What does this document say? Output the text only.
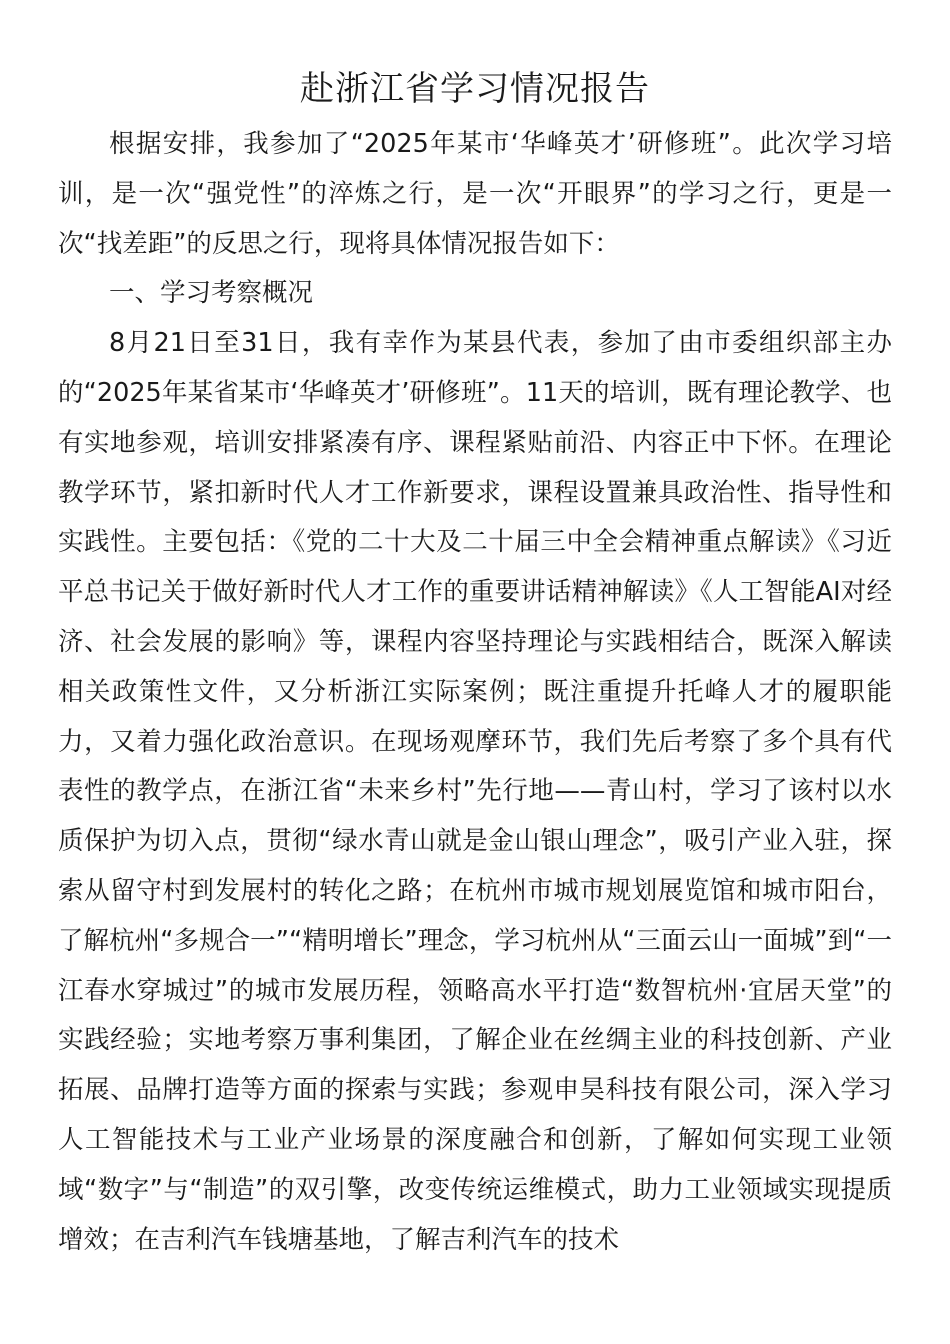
赴浙江省学习情况报告

根据安排，我参加了“2025年某市‘华峰英才’研修班”。此次学习培训，是一次“强党性”的淬炼之行，是一次“开眼界”的学习之行，更是一次“找差距”的反思之行，现将具体情况报告如下：

一、学习考察概况

8月21日至31日，我有幸作为某县代表，参加了由市委组织部主办的“2025年某省某市‘华峰英才’研修班”。11天的培训，既有理论教学、也有实地参观，培训安排紧凑有序、课程紧贴前沿、内容正中下怀。在理论教学环节，紧扣新时代人才工作新要求，课程设置兼具政治性、指导性和实践性。主要包括：《党的二十大及二十届三中全会精神重点解读》《习近平总书记关于做好新时代人才工作的重要讲话精神解读》《人工智能AI对经济、社会发展的影响》等，课程内容坚持理论与实践相结合，既深入解读相关政策性文件，又分析浙江实际案例；既注重提升托峰人才的履职能力，又着力强化政治意识。在现场观摩环节，我们先后考察了多个具有代表性的教学点，在浙江省“未来乡村”先行地——青山村，学习了该村以水质保护为切入点，贯彻“绿水青山就是金山银山理念”，吸引产业入驻，探索从留守村到发展村的转化之路；在杭州市城市规划展览馆和城市阳台，了解杭州“多规合一”“精明增长”理念，学习杭州从“三面云山一面城”到“一江春水穿城过”的城市发展历程，领略高水平打造“数智杭州·宜居天堂”的实践经验；实地考察万事利集团，了解企业在丝绸主业的科技创新、产业拓展、品牌打造等方面的探索与实践；参观申昊科技有限公司，深入学习人工智能技术与工业产业场景的深度融合和创新，了解如何实现工业领域“数字”与“制造”的双引擎，改变传统运维模式，助力工业领域实现提质增效；在吉利汽车钱塘基地，了解吉利汽车的技术
